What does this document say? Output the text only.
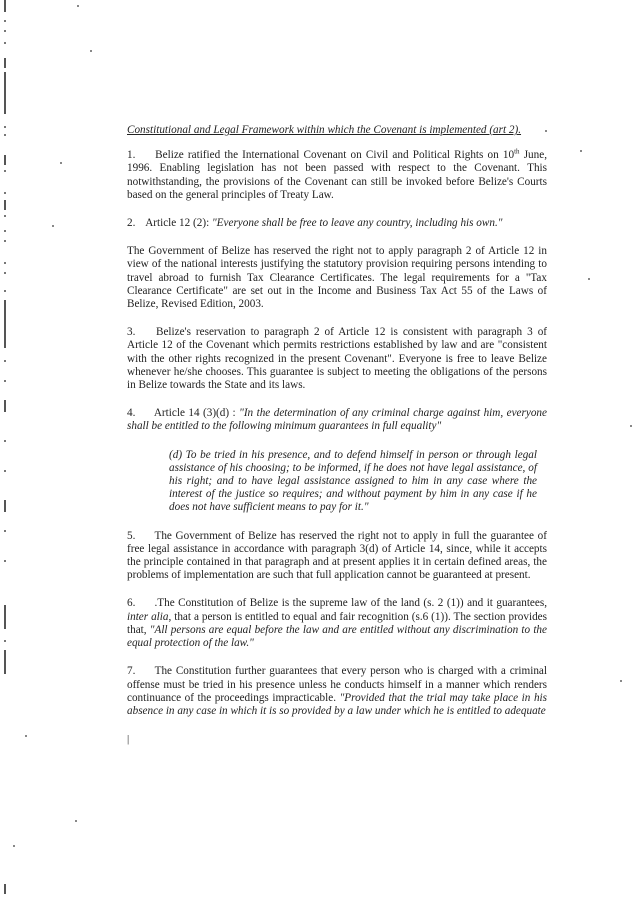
Constitutional and Legal Framework within which the Covenant is implemented (art 2).

1. Belize ratified the International Covenant on Civil and Political Rights on 10th June, 1996. Enabling legislation has not been passed with respect to the Covenant. This notwithstanding, the provisions of the Covenant can still be invoked before Belize's Courts based on the general principles of Treaty Law.

2. Article 12 (2): "Everyone shall be free to leave any country, including his own."

The Government of Belize has reserved the right not to apply paragraph 2 of Article 12 in view of the national interests justifying the statutory provision requiring persons intending to travel abroad to furnish Tax Clearance Certificates. The legal requirements for a "Tax Clearance Certificate" are set out in the Income and Business Tax Act 55 of the Laws of Belize, Revised Edition, 2003.

3. Belize's reservation to paragraph 2 of Article 12 is consistent with paragraph 3 of Article 12 of the Covenant which permits restrictions established by law and are "consistent with the other rights recognized in the present Covenant". Everyone is free to leave Belize whenever he/she chooses. This guarantee is subject to meeting the obligations of the persons in Belize towards the State and its laws.

4. Article 14 (3)(d) : "In the determination of any criminal charge against him, everyone shall be entitled to the following minimum guarantees in full equality"

(d) To be tried in his presence, and to defend himself in person or through legal assistance of his choosing; to be informed, if he does not have legal assistance, of his right; and to have legal assistance assigned to him in any case where the interest of the justice so requires; and without payment by him in any case if he does not have sufficient means to pay for it."

5. The Government of Belize has reserved the right not to apply in full the guarantee of free legal assistance in accordance with paragraph 3(d) of Article 14, since, while it accepts the principle contained in that paragraph and at present applies it in certain defined areas, the problems of implementation are such that full application cannot be guaranteed at present.

6. .The Constitution of Belize is the supreme law of the land (s. 2 (1)) and it guarantees, inter alia, that a person is entitled to equal and fair recognition (s.6 (1)). The section provides that, "All persons are equal before the law and are entitled without any discrimination to the equal protection of the law."

7. The Constitution further guarantees that every person who is charged with a criminal offense must be tried in his presence unless he conducts himself in a manner which renders continuance of the proceedings impracticable. "Provided that the trial may take place in his absence in any case in which it is so provided by a law under which he is entitled to adequate

|
